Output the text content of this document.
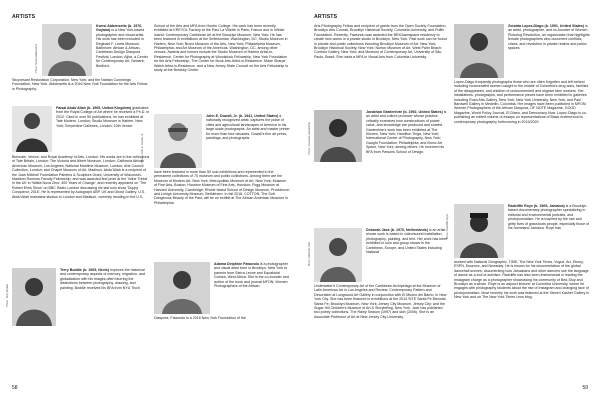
ARTISTS
Photo: Kwesi Abbensetts
Kwesi Abbensetts (b. 1976, Guyana) is a New York-based photographer and visual artist. His work has been included in Reginald F. Lewis Museum, Baltimore; African & African-Caribbean Design Diaspora Festival, London; Aljira, a Center for Contemporary Art, Newark; Bedford-
Stuyvesant Restoration Corporation, New York; and the Nathan Cummings Foundation, New York. Abbensetts is a 2016 New York Foundation for the Arts Fellow in Photography.
Faisal Abdu'Allah (b. 1969, United Kingdom) graduated from the Royal College of Art where he received a Ph.D. in 2012. Cited in over 50 publications, he has exhibited at Tate Modern, London; Studio Museum in Harlem, New York; Serpentine Galleries, London; 10th Venice
Biennale, Venice; and Royal Academy of Arts, London. His works are in the collections of Tate Britain, London; The Victoria and Albert Museum, London; California African American Museum, Los Angeles; National Maritime Museum, London; Arts Council Collection, London; and Chapel Museum of Art, Madison. Abdu'Allah is a recipient of the Joan Mitchell Foundation Painters & Sculptors Grant, University of Wisconsin-Madison Romnes Faculty Fellowship, and was awarded first prize at the 'Inline Trinial' in the UK in 'Watta Nova Zero: 400 Years of Change', and recently appeared on 'The Robert Elms Show' on BBC Radio London discussing his last solo show 'Duppy Conqueror, 2016'. He is represented by Autograph ABP, UK and Ghost Gallery, U.S. Abdu'Allah maintains studios in London and Madison, currently residing in the U.S.
Photo: Terry Boddie
Terry Boddie (b. 1965, Nevis) explores the historical and contemporary aspects of memory, migration, and globalization with his images often blurring the distinctions between photography, drawing, and painting. Boddie received his BFA from NYU Tisch
School of the Arts and MFA from Hunter College. His work has been recently exhibited at KREYOL Factory at the Parc La Villette in Paris, France and in Infinite Island: Contemporary Caribbean Art at the Brooklyn Museum, New York. He has been featured in exhibitions at the Smithsonian, Washington, DC; Studio Museum in Harlem, New York; Bronx Museum of the Arts, New York; Philadelphia Museum, Philadelphia; and Art Museum of the Americas, Washington, DC, among other venues. Awards and honors include the Studio Museum of Harlem Artist-in-Residence, Center for Photography at Woodstock Fellowship, New York Foundation for the Arts Fellowship, The Center for Book Arts Artist-in-Residence, Marie Sharpe Walsh Artist-in-Residence, and a New Jersey State Council on the Arts Fellowship to study at the Brodsky Center.
Photo: John E. Dowell, Jr.
John E. Dowell, Jr. (b. 1941, United States) a nationally recognized artist, captures the pulse of cities and agricultural landscapes of America in his large-scale photographs. An artist and master printer for more than four decades, Dowell's fine art prints, paintings, and photographs
have been featured in more than 50 solo exhibitions and represented in the permanent collections of 70 museum and public collections. Among them are the Museum of Modern Art, New York; Metropolitan Museum of Art, New York; Museum of Fine Arts, Boston; Houston Museum of Fine Arts, Houston; Fogg Museum at Harvard University, Cambridge; Rhode Island School of Design Museum, Providence; and Lehigh University Museum, Bethlehem. In fall 2018, COTTON: The Soft Dangerous Beauty of the Past, will be on exhibit at The African American Museum in Philadelphia.
Adama Delphine Fawundu is a photographer and visual artist born in Brooklyn, New York to parents from Sierra Leone and Equatorial Guinea, West Africa. She is the co-founder and author of the book and journal MFON: Women Photographers of the African
Diaspora. Fawundu is a 2016 New York Foundation of the
58
ARTISTS
Arts Photography Fellow and recipient of grants from the Open Society Foundation, Brooklyn Arts Council, Brooklyn Historical Society, Columbia University, and Puffin Foundation. Recently, Fawundu was awarded the BRIClawnspace residency to create new works in a private studio in Brooklyn, New York. Past work can be found in private and public collections including Brooklyn Museum of Art, New York; Brooklyn Historical Society, New York; Norton Museum of Art, West Palm Beach; Corridor Gallery, New York; and Museum of Contemporary Art, University of São Paulo, Brazil. She holds a MFA in Visual Arts from Columbia University.
Photo: Jonathan Gardenhire
Jonathan Gardenhire (b. 1992, United States) is an artist and culture producer whose practice critically examines how constructions of power, value, and knowledge are produced and shared. Gardenhire's work has been exhibited at The Kitchen, New York; Hamilton Tinga, New York; International Center of Photography, New York; Gaught Foundation, Philadelphia; and Bronx Art Space, New York, among others. He received his BFA from Parsons School of Design.
Photo: Deborah Jack
Deborah Jack (b. 1970, Netherlands) is an artist whose work is based in video/sound installation, photography, painting, and text. Her work has been exhibited in solo and group shows in the Caribbean, Europe, and United States including National
Underwater's Contemporary Art of the Caribbean Archipelago at the Museum of Latin American Art in Los Angeles and Review: Contemporary Pattern and Decoration at Longwood Art Gallery in conjunction with El Museo del Barrio, in New York City. She has been featured in exhibitions at the 2014 SITE Santa Fe Biennial, Santa Fe; Brooklyn Museum, New York; Jersey City Museum, Jersey City; and the Sugar Hill Children's Museum of Art & Storytelling, New York. Jack has published two poetry collections, The Rainy Season (1997) and skin (2006). She is an Associate Professor of Art at New Jersey City University.
Zoraida Lopez-Diago (b. 1991, United States) is an artist, photographer, and co-founder of Women Picturing Revolution, an organization that highlights female photographers who document conflicts, crises, and revolution in private realms and public spaces.
Lopez-Diago frequently photographs those who are often forgotten and left behind including incarcerated women caught in the middle of Colombia's drug wars, families of the disappeared, and children of undocumented and migrant farm workers. Her installations, photographs, and performance pieces have been exhibited in galleries including Rush Arts Gallery, New York; New York University, New York; and Paul Bardwell Gallery in Medellin, Colombia. Her images have been published in MFON: Women Photographers of the African Diaspora, OF NOTE Magazine, GOOD Magazine, World Policy Journal, El Diario, and Democracy Now. Lopez-Diago is co-publishing an edited volume of essays on representations of Black motherhood in contemporary photography forthcoming in 2019/2020.
Photo: Radcliffe Roye
Radcliffe Roye (b. 1969, Jamaica) is a Brooklyn-based documentary photographer specializing in editorial and environmental portraits, and photojournalism. He is inspired by the raw and gritty lives of grassroots people, especially those of his homeland Jamaica. Roye has
worked with National Geographic, TIME, The New York Times, Vogue, Art, Ebony, ESPN, Essence, and Newsday. He is known for his documentation of the global dancehall scenes, documenting how Jamaicans and other dancers use the language of dance as a tool of activism. Radcliffe has also been instrumental in leading the Instagram charge as a photographer showcasing his community of Bed-Stuy and Brooklyn as a whole. Roye is an adjunct lecturer at Columbia University, where he engages with photography students about the rise of Instagram and changing face of photojournalism. Most recently his work was featured at the Steven Kasher Gallery in New York and on The New York Times Lens blog.
59
